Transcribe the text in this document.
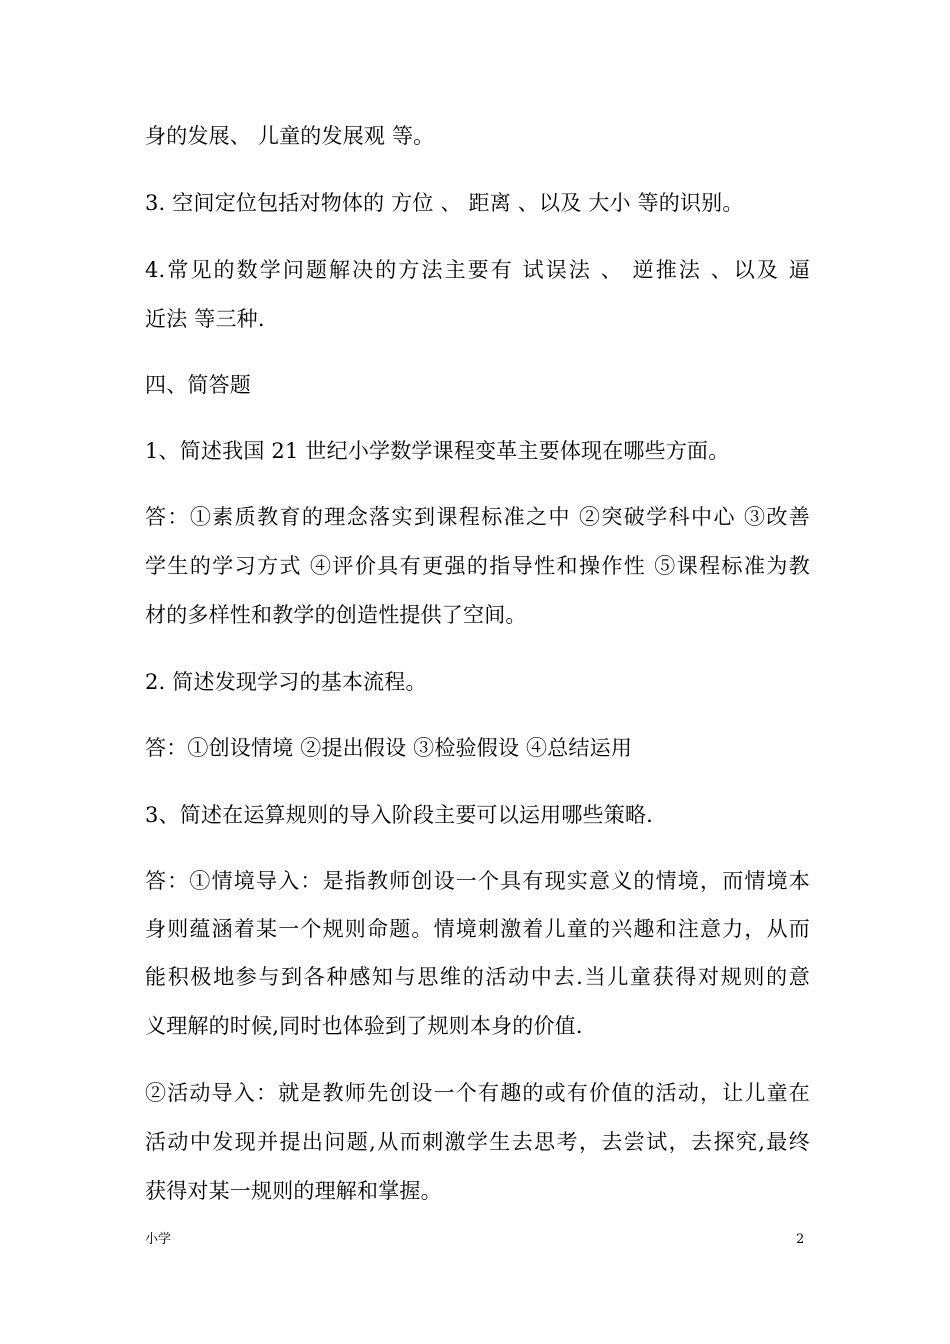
身的发展、 儿童的发展观 等。
3. 空间定位包括对物体的 方位 、 距离 、以及 大小 等的识别。
4.常见的数学问题解决的方法主要有 试误法 、 逆推法 、以及 逼
近法 等三种.
四、简答题
1、简述我国 21 世纪小学数学课程变革主要体现在哪些方面。
答：①素质教育的理念落实到课程标准之中 ②突破学科中心 ③改善
学生的学习方式 ④评价具有更强的指导性和操作性 ⑤课程标准为教
材的多样性和教学的创造性提供了空间。
2. 简述发现学习的基本流程。
答：①创设情境 ②提出假设 ③检验假设 ④总结运用
3、简述在运算规则的导入阶段主要可以运用哪些策略.
答：①情境导入：是指教师创设一个具有现实意义的情境，而情境本
身则蕴涵着某一个规则命题。情境刺激着儿童的兴趣和注意力，从而
能积极地参与到各种感知与思维的活动中去.当儿童获得对规则的意
义理解的时候,同时也体验到了规则本身的价值.
②活动导入：就是教师先创设一个有趣的或有价值的活动，让儿童在
活动中发现并提出问题,从而刺激学生去思考，去尝试，去探究,最终
获得对某一规则的理解和掌握。
小学	2
